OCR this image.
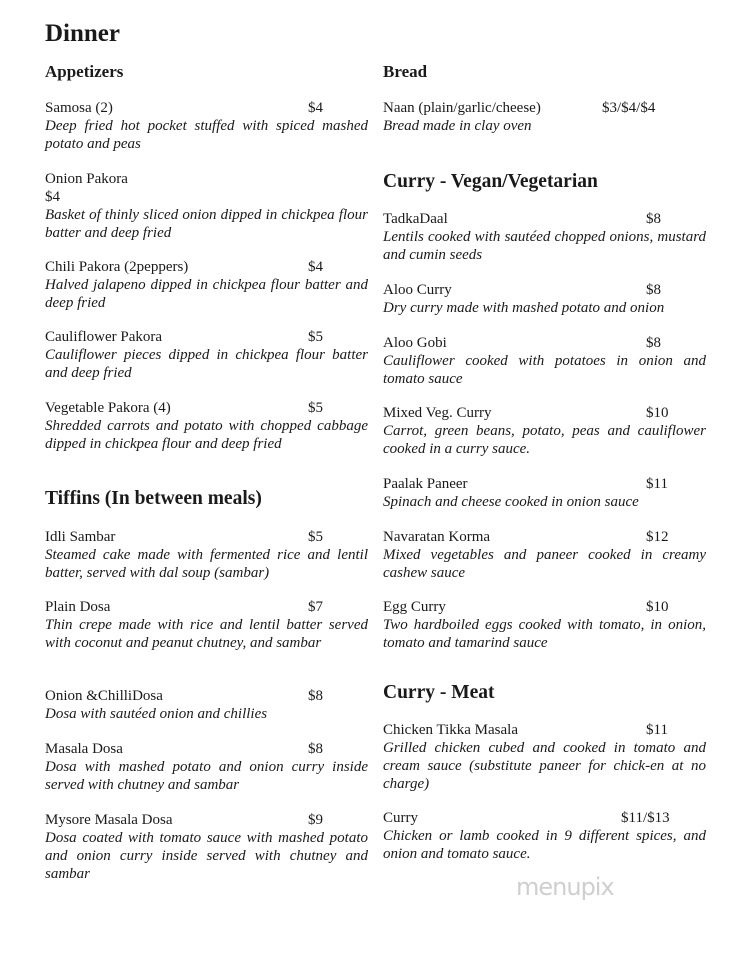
Dinner
Appetizers
Tiffins (In between meals)
Bread
Curry - Vegan/Vegetarian
Curry - Meat
Samosa (2)	$4
Deep fried hot pocket stuffed with spiced mashed potato and peas
Onion Pakora
$4
Basket of thinly sliced onion dipped in chickpea flour batter and deep fried
Chili Pakora (2peppers)	$4
Halved jalapeno dipped in chickpea flour batter and deep fried
Cauliflower Pakora	$5
Cauliflower pieces dipped in chickpea flour batter and deep fried
Vegetable Pakora (4)	$5
Shredded carrots and potato with chopped cabbage dipped in chickpea flour and deep fried
Idli Sambar	$5
Steamed cake made with fermented rice and lentil batter, served with dal soup (sambar)
Plain Dosa	$7
Thin crepe made with rice and lentil batter served with coconut and peanut chutney, and sambar
Onion &ChilliDosa	$8
Dosa with sautéed onion and chillies
Masala Dosa	$8
Dosa with mashed potato and onion curry inside served with chutney and sambar
Mysore Masala Dosa	$9
Dosa coated with tomato sauce with mashed potato and onion curry inside served with chutney and sambar
Naan (plain/garlic/cheese)	$3/$4/$4
Bread made in clay oven
TadkaDaal	$8
Lentils cooked with sautéed chopped onions, mustard and cumin seeds
Aloo Curry	$8
Dry curry made with mashed potato and onion
Aloo Gobi	$8
Cauliflower cooked with potatoes in onion and tomato sauce
Mixed Veg. Curry	$10
Carrot, green beans, potato, peas and cauliflower cooked in a curry sauce.
Paalak Paneer	$11
Spinach and cheese cooked in onion sauce
Navaratan Korma	$12
Mixed vegetables and paneer cooked in creamy cashew sauce
Egg Curry	$10
Two hardboiled eggs cooked with tomato, in onion, tomato and tamarind sauce
Chicken Tikka Masala	$11
Grilled chicken cubed and cooked in tomato and cream sauce (substitute paneer for chick-en at no charge)
Curry	$11/$13
Chicken or lamb cooked in 9 different spices, and onion and tomato sauce.
menupix
